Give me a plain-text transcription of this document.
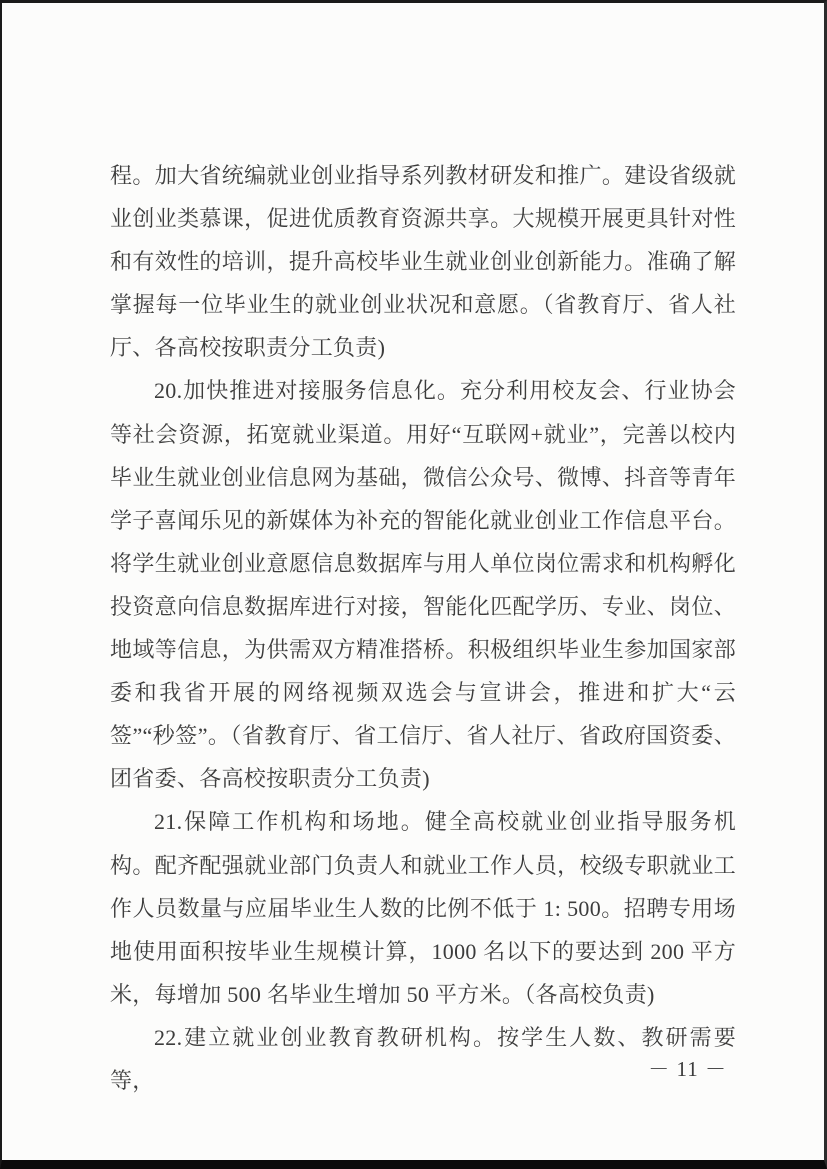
程。加大省统编就业创业指导系列教材研发和推广。建设省级就业创业类慕课，促进优质教育资源共享。大规模开展更具针对性和有效性的培训，提升高校毕业生就业创业创新能力。准确了解掌握每一位毕业生的就业创业状况和意愿。（省教育厅、省人社厅、各高校按职责分工负责)

20.加快推进对接服务信息化。充分利用校友会、行业协会等社会资源，拓宽就业渠道。用好“互联网+就业”，完善以校内毕业生就业创业信息网为基础，微信公众号、微博、抖音等青年学子喜闻乐见的新媒体为补充的智能化就业创业工作信息平台。将学生就业创业意愿信息数据库与用人单位岗位需求和机构孵化投资意向信息数据库进行对接，智能化匹配学历、专业、岗位、地域等信息，为供需双方精准搭桥。积极组织毕业生参加国家部委和我省开展的网络视频双选会与宣讲会，推进和扩大“云签”“秒签”。（省教育厅、省工信厅、省人社厅、省政府国资委、团省委、各高校按职责分工负责)

21.保障工作机构和场地。健全高校就业创业指导服务机构。配齐配强就业部门负责人和就业工作人员，校级专职就业工作人员数量与应届毕业生人数的比例不低于 1: 500。招聘专用场地使用面积按毕业生规模计算，1000 名以下的要达到 200 平方米，每增加 500 名毕业生增加 50 平方米。（各高校负责)

22.建立就业创业教育教研机构。按学生人数、教研需要等，	－ 11 －
